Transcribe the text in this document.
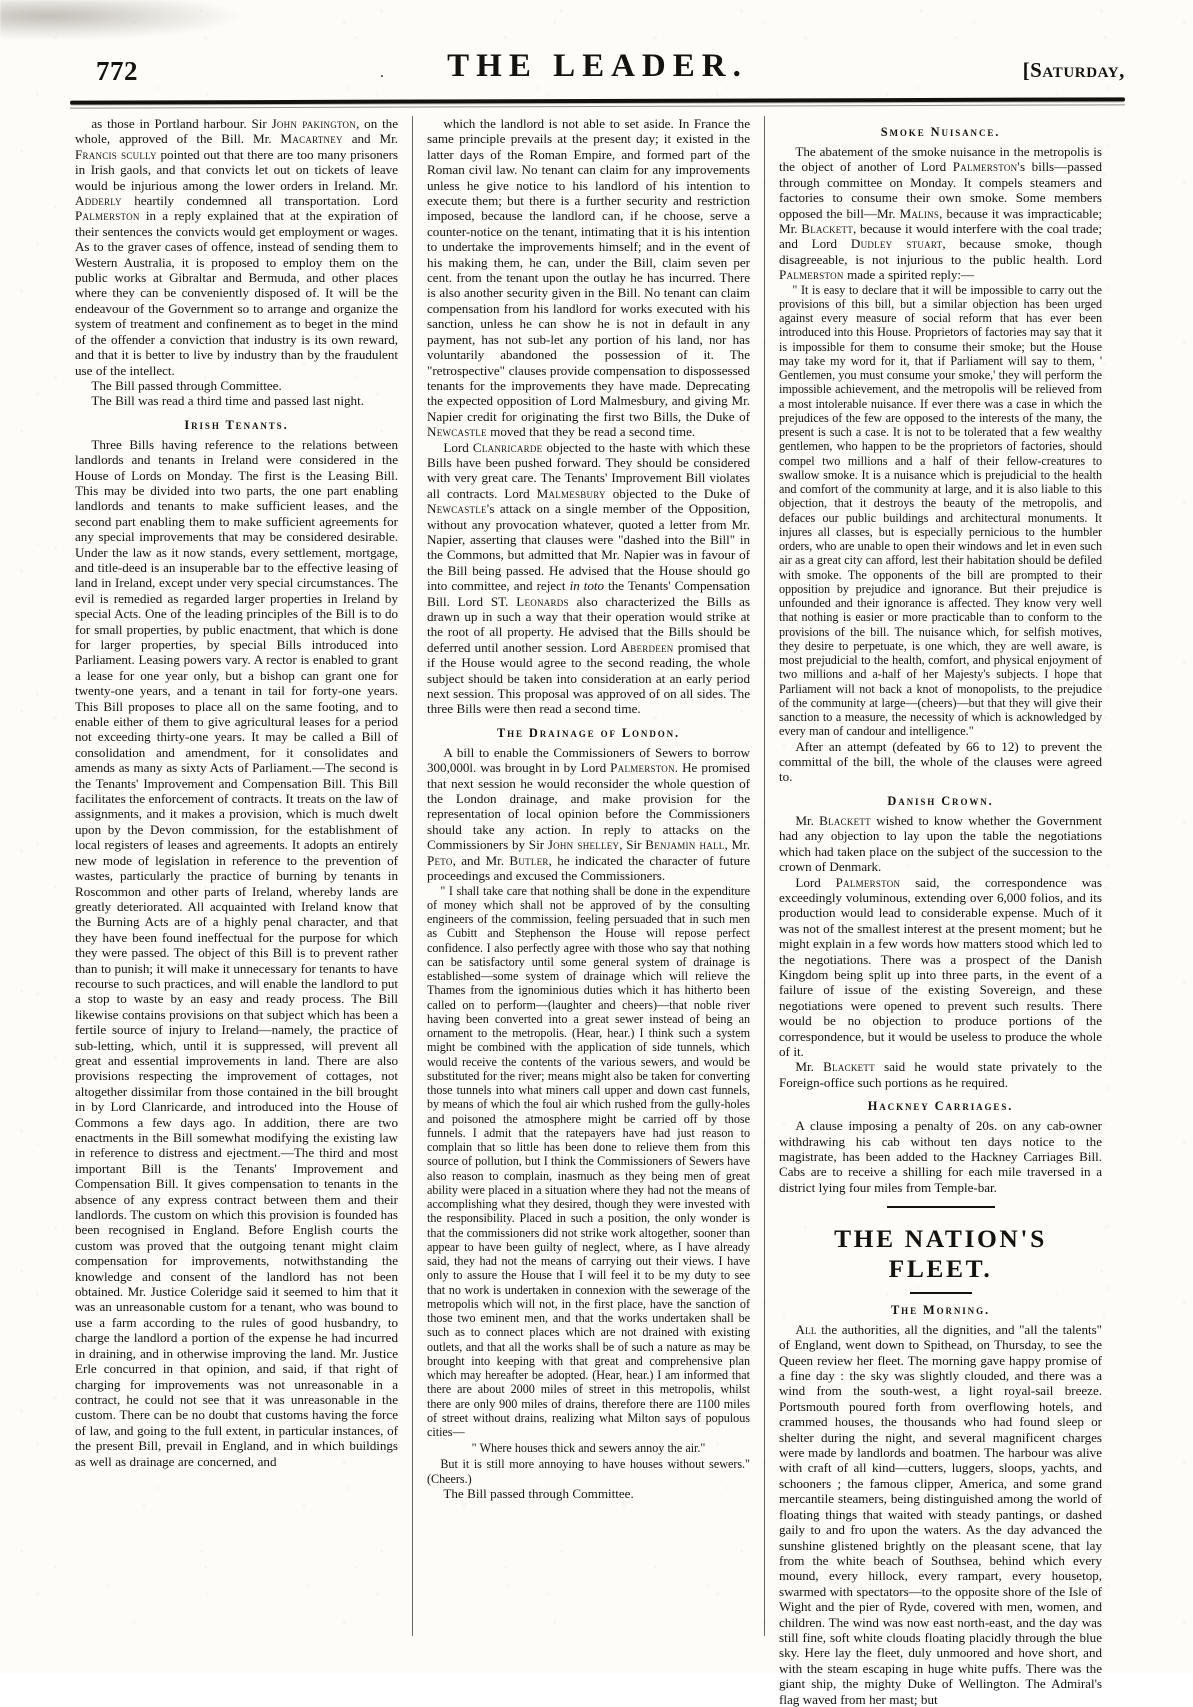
772	.	THE LEADER.	[Saturday,

as those in Portland harbour. Sir John pakington, on the whole, approved of the Bill. Mr. Macartney and Mr. Francis scully pointed out that there are too many prisoners in Irish gaols, and that convicts let out on tickets of leave would be injurious among the lower orders in Ireland. Mr. Adderly heartily condemned all transportation. Lord Palmerston in a reply explained that at the expiration of their sentences the convicts would get employment or wages. As to the graver cases of offence, instead of sending them to Western Australia, it is proposed to employ them on the public works at Gibraltar and Bermuda, and other places where they can be conveniently disposed of. It will be the endeavour of the Government so to arrange and organize the system of treatment and confinement as to beget in the mind of the offender a conviction that industry is its own reward, and that it is better to live by industry than by the fraudulent use of the intellect.

The Bill passed through Committee.

The Bill was read a third time and passed last night.

Irish Tenants.

Three Bills having reference to the relations between landlords and tenants in Ireland were considered in the House of Lords on Monday. The first is the Leasing Bill. This may be divided into two parts, the one part enabling landlords and tenants to make sufficient leases, and the second part enabling them to make sufficient agreements for any special improvements that may be considered desirable. Under the law as it now stands, every settlement, mortgage, and title-deed is an insuperable bar to the effective leasing of land in Ireland, except under very special circumstances. The evil is remedied as regarded larger properties in Ireland by special Acts. One of the leading principles of the Bill is to do for small properties, by public enactment, that which is done for larger properties, by special Bills introduced into Parliament. Leasing powers vary. A rector is enabled to grant a lease for one year only, but a bishop can grant one for twenty-one years, and a tenant in tail for forty-one years. This Bill proposes to place all on the same footing, and to enable either of them to give agricultural leases for a period not exceeding thirty-one years. It may be called a Bill of consolidation and amendment, for it consolidates and amends as many as sixty Acts of Parliament.—The second is the Tenants' Improvement and Compensation Bill. This Bill facilitates the enforcement of contracts. It treats on the law of assignments, and it makes a provision, which is much dwelt upon by the Devon commission, for the establishment of local registers of leases and agreements. It adopts an entirely new mode of legislation in reference to the prevention of wastes, particularly the practice of burning by tenants in Roscommon and other parts of Ireland, whereby lands are greatly deteriorated. All acquainted with Ireland know that the Burning Acts are of a highly penal character, and that they have been found ineffectual for the purpose for which they were passed. The object of this Bill is to prevent rather than to punish; it will make it unnecessary for tenants to have recourse to such practices, and will enable the landlord to put a stop to waste by an easy and ready process. The Bill likewise contains provisions on that subject which has been a fertile source of injury to Ireland—namely, the practice of sub-letting, which, until it is suppressed, will prevent all great and essential improvements in land. There are also provisions respecting the improvement of cottages, not altogether dissimilar from those contained in the bill brought in by Lord Clanricarde, and introduced into the House of Commons a few days ago. In addition, there are two enactments in the Bill somewhat modifying the existing law in reference to distress and ejectment.—The third and most important Bill is the Tenants' Improvement and Compensation Bill. It gives compensation to tenants in the absence of any express contract between them and their landlords. The custom on which this provision is founded has been recognised in England. Before English courts the custom was proved that the outgoing tenant might claim compensation for improvements, notwithstanding the knowledge and consent of the landlord has not been obtained. Mr. Justice Coleridge said it seemed to him that it was an unreasonable custom for a tenant, who was bound to use a farm according to the rules of good husbandry, to charge the landlord a portion of the expense he had incurred in draining, and in otherwise improving the land. Mr. Justice Erle concurred in that opinion, and said, if that right of charging for improvements was not unreasonable in a contract, he could not see that it was unreasonable in the custom. There can be no doubt that customs having the force of law, and going to the full extent, in particular instances, of the present Bill, prevail in England, and in which buildings as well as drainage are concerned, and

which the landlord is not able to set aside. In France the same principle prevails at the present day; it existed in the latter days of the Roman Empire, and formed part of the Roman civil law. No tenant can claim for any improvements unless he give notice to his landlord of his intention to execute them; but there is a further security and restriction imposed, because the landlord can, if he choose, serve a counter-notice on the tenant, intimating that it is his intention to undertake the improvements himself; and in the event of his making them, he can, under the Bill, claim seven per cent. from the tenant upon the outlay he has incurred. There is also another security given in the Bill. No tenant can claim compensation from his landlord for works executed with his sanction, unless he can show he is not in default in any payment, has not sub-let any portion of his land, nor has voluntarily abandoned the possession of it. The "retrospective" clauses provide compensation to dispossessed tenants for the improvements they have made. Deprecating the expected opposition of Lord Malmesbury, and giving Mr. Napier credit for originating the first two Bills, the Duke of Newcastle moved that they be read a second time.

Lord Clanricarde objected to the haste with which these Bills have been pushed forward. They should be considered with very great care. The Tenants' Improvement Bill violates all contracts. Lord Malmesbury objected to the Duke of Newcastle's attack on a single member of the Opposition, without any provocation whatever, quoted a letter from Mr. Napier, asserting that clauses were "dashed into the Bill" in the Commons, but admitted that Mr. Napier was in favour of the Bill being passed. He advised that the House should go into committee, and reject in toto the Tenants' Compensation Bill. Lord ST. Leonards also characterized the Bills as drawn up in such a way that their operation would strike at the root of all property. He advised that the Bills should be deferred until another session. Lord Aberdeen promised that if the House would agree to the second reading, the whole subject should be taken into consideration at an early period next session. This proposal was approved of on all sides. The three Bills were then read a second time.

The Drainage of London.

A bill to enable the Commissioners of Sewers to borrow 300,000l. was brought in by Lord Palmerston. He promised that next session he would reconsider the whole question of the London drainage, and make provision for the representation of local opinion before the Commissioners should take any action. In reply to attacks on the Commissioners by Sir John shelley, Sir Benjamin hall, Mr. Peto, and Mr. Butler, he indicated the character of future proceedings and excused the Commissioners.

" I shall take care that nothing shall be done in the expenditure of money which shall not be approved of by the consulting engineers of the commission, feeling persuaded that in such men as Cubitt and Stephenson the House will repose perfect confidence. I also perfectly agree with those who say that nothing can be satisfactory until some general system of drainage is established—some system of drainage which will relieve the Thames from the ignominious duties which it has hitherto been called on to perform—(laughter and cheers)—that noble river having been converted into a great sewer instead of being an ornament to the metropolis. (Hear, hear.) I think such a system might be combined with the application of side tunnels, which would receive the contents of the various sewers, and would be substituted for the river; means might also be taken for converting those tunnels into what miners call upper and down cast funnels, by means of which the foul air which rushed from the gully-holes and poisoned the atmosphere might be carried off by those funnels. I admit that the ratepayers have had just reason to complain that so little has been done to relieve them from this source of pollution, but I think the Commissioners of Sewers have also reason to complain, inasmuch as they being men of great ability were placed in a situation where they had not the means of accomplishing what they desired, though they were invested with the responsibility. Placed in such a position, the only wonder is that the commissioners did not strike work altogether, sooner than appear to have been guilty of neglect, where, as I have already said, they had not the means of carrying out their views. I have only to assure the House that I will feel it to be my duty to see that no work is undertaken in connexion with the sewerage of the metropolis which will not, in the first place, have the sanction of those two eminent men, and that the works undertaken shall be such as to connect places which are not drained with existing outlets, and that all the works shall be of such a nature as may be brought into keeping with that great and comprehensive plan which may hereafter be adopted. (Hear, hear.) I am informed that there are about 2000 miles of street in this metropolis, whilst there are only 900 miles of drains, therefore there are 1100 miles of street without drains, realizing what Milton says of populous cities—

" Where houses thick and sewers annoy the air."

But it is still more annoying to have houses without sewers." (Cheers.)

The Bill passed through Committee.

Smoke Nuisance.

The abatement of the smoke nuisance in the metropolis is the object of another of Lord Palmerston's bills—passed through committee on Monday. It compels steamers and factories to consume their own smoke. Some members opposed the bill—Mr. Malins, because it was impracticable; Mr. Blackett, because it would interfere with the coal trade; and Lord Dudley stuart, because smoke, though disagreeable, is not injurious to the public health. Lord Palmerston made a spirited reply:—

" It is easy to declare that it will be impossible to carry out the provisions of this bill, but a similar objection has been urged against every measure of social reform that has ever been introduced into this House. Proprietors of factories may say that it is impossible for them to consume their smoke; but the House may take my word for it, that if Parliament will say to them, ' Gentlemen, you must consume your smoke,' they will perform the impossible achievement, and the metropolis will be relieved from a most intolerable nuisance. If ever there was a case in which the prejudices of the few are opposed to the interests of the many, the present is such a case. It is not to be tolerated that a few wealthy gentlemen, who happen to be the proprietors of factories, should compel two millions and a half of their fellow-creatures to swallow smoke. It is a nuisance which is prejudicial to the health and comfort of the community at large, and it is also liable to this objection, that it destroys the beauty of the metropolis, and defaces our public buildings and architectural monuments. It injures all classes, but is especially pernicious to the humbler orders, who are unable to open their windows and let in even such air as a great city can afford, lest their habitation should be defiled with smoke. The opponents of the bill are prompted to their opposition by prejudice and ignorance. But their prejudice is unfounded and their ignorance is affected. They know very well that nothing is easier or more practicable than to conform to the provisions of the bill. The nuisance which, for selfish motives, they desire to perpetuate, is one which, they are well aware, is most prejudicial to the health, comfort, and physical enjoyment of two millions and a-half of her Majesty's subjects. I hope that Parliament will not back a knot of monopolists, to the prejudice of the community at large—(cheers)—but that they will give their sanction to a measure, the necessity of which is acknowledged by every man of candour and intelligence."

After an attempt (defeated by 66 to 12) to prevent the committal of the bill, the whole of the clauses were agreed to.

Danish Crown.

Mr. Blackett wished to know whether the Government had any objection to lay upon the table the negotiations which had taken place on the subject of the succession to the crown of Denmark.

Lord Palmerston said, the correspondence was exceedingly voluminous, extending over 6,000 folios, and its production would lead to considerable expense. Much of it was not of the smallest interest at the present moment; but he might explain in a few words how matters stood which led to the negotiations. There was a prospect of the Danish Kingdom being split up into three parts, in the event of a failure of issue of the existing Sovereign, and these negotiations were opened to prevent such results. There would be no objection to produce portions of the correspondence, but it would be useless to produce the whole of it.

Mr. Blackett said he would state privately to the Foreign-office such portions as he required.

Hackney Carriages.

A clause imposing a penalty of 20s. on any cab-owner withdrawing his cab without ten days notice to the magistrate, has been added to the Hackney Carriages Bill. Cabs are to receive a shilling for each mile traversed in a district lying four miles from Temple-bar.

THE NATION'S FLEET.
The Morning.

All the authorities, all the dignities, and "all the talents" of England, went down to Spithead, on Thursday, to see the Queen review her fleet. The morning gave happy promise of a fine day : the sky was slightly clouded, and there was a wind from the south-west, a light royal-sail breeze. Portsmouth poured forth from overflowing hotels, and crammed houses, the thousands who had found sleep or shelter during the night, and several magnificent charges were made by landlords and boatmen. The harbour was alive with craft of all kind—cutters, luggers, sloops, yachts, and schooners ; the famous clipper, America, and some grand mercantile steamers, being distinguished among the world of floating things that waited with steady pantings, or dashed gaily to and fro upon the waters. As the day advanced the sunshine glistened brightly on the pleasant scene, that lay from the white beach of Southsea, behind which every mound, every hillock, every rampart, every housetop, swarmed with spectators—to the opposite shore of the Isle of Wight and the pier of Ryde, covered with men, women, and children. The wind was now east north-east, and the day was still fine, soft white clouds floating placidly through the blue sky. Here lay the fleet, duly unmoored and hove short, and with the steam escaping in huge white puffs. There was the giant ship, the mighty Duke of Wellington. The Admiral's flag waved from her mast; but
